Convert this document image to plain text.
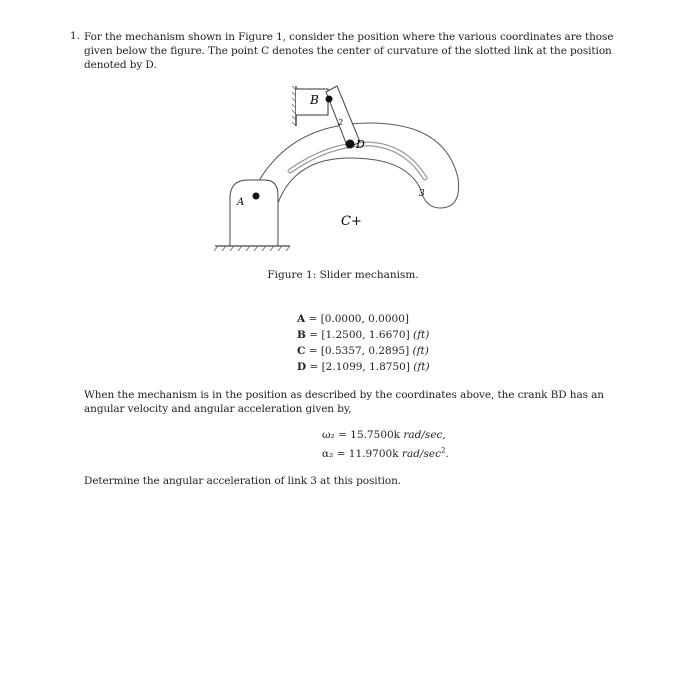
1. For the mechanism shown in Figure 1, consider the position where the various coordinates are those
given below the figure. The point C denotes the center of curvature of the slotted link at the position
denoted by D.
B
2
D
3
A
C+
Figure 1: Slider mechanism.
A = [0.0000, 0.0000]
B = [1.2500, 1.6670] (ft)
C = [0.5357, 0.2895] (ft)
D = [2.1099, 1.8750] (ft)
When the mechanism is in the position as described by the coordinates above, the crank BD has an
angular velocity and angular acceleration given by,
ω₂ = 15.7500k rad/sec,
α₂ = 11.9700k rad/$\sec^2$.
Determine the angular acceleration of link 3 at this position.
